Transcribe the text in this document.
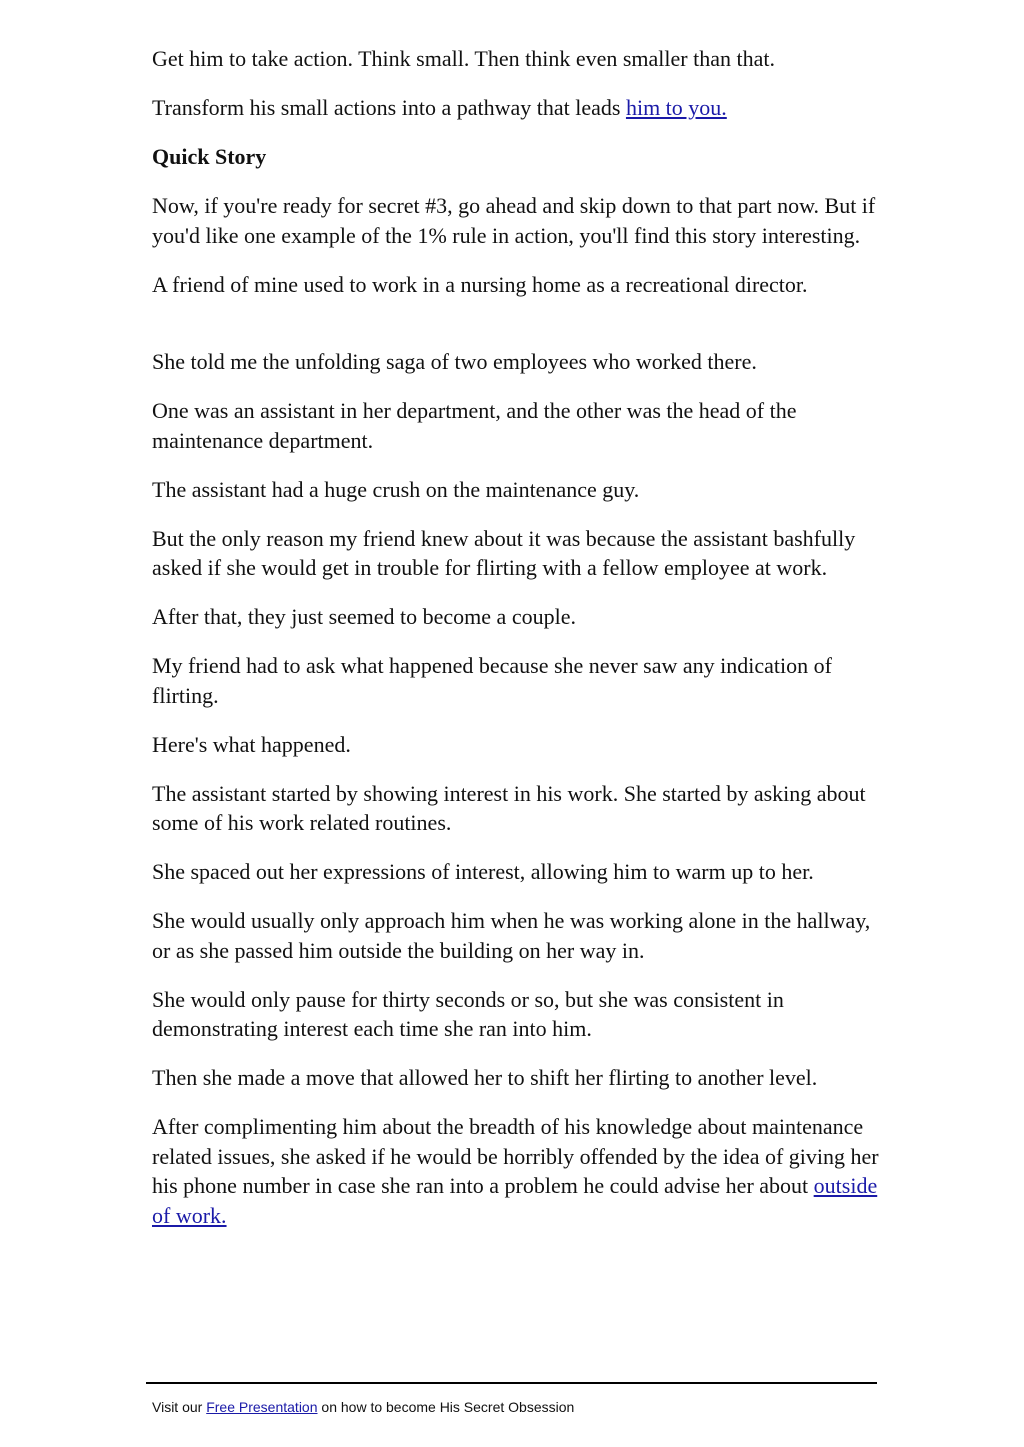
Get him to take action. Think small. Then think even smaller than that.

Transform his small actions into a pathway that leads him to you.

Quick Story

Now, if you're ready for secret #3, go ahead and skip down to that part now. But if you'd like one example of the 1% rule in action, you'll find this story interesting.

A friend of mine used to work in a nursing home as a recreational director.

She told me the unfolding saga of two employees who worked there.

One was an assistant in her department, and the other was the head of the maintenance department.

The assistant had a huge crush on the maintenance guy.

But the only reason my friend knew about it was because the assistant bashfully asked if she would get in trouble for flirting with a fellow employee at work.

After that, they just seemed to become a couple.

My friend had to ask what happened because she never saw any indication of flirting.

Here's what happened.

The assistant started by showing interest in his work. She started by asking about some of his work related routines.

She spaced out her expressions of interest, allowing him to warm up to her.

She would usually only approach him when he was working alone in the hallway, or as she passed him outside the building on her way in.

She would only pause for thirty seconds or so, but she was consistent in demonstrating interest each time she ran into him.

Then she made a move that allowed her to shift her flirting to another level.

After complimenting him about the breadth of his knowledge about maintenance related issues, she asked if he would be horribly offended by the idea of giving her his phone number in case she ran into a problem he could advise her about outside of work.

Visit our Free Presentation on how to become His Secret Obsession
